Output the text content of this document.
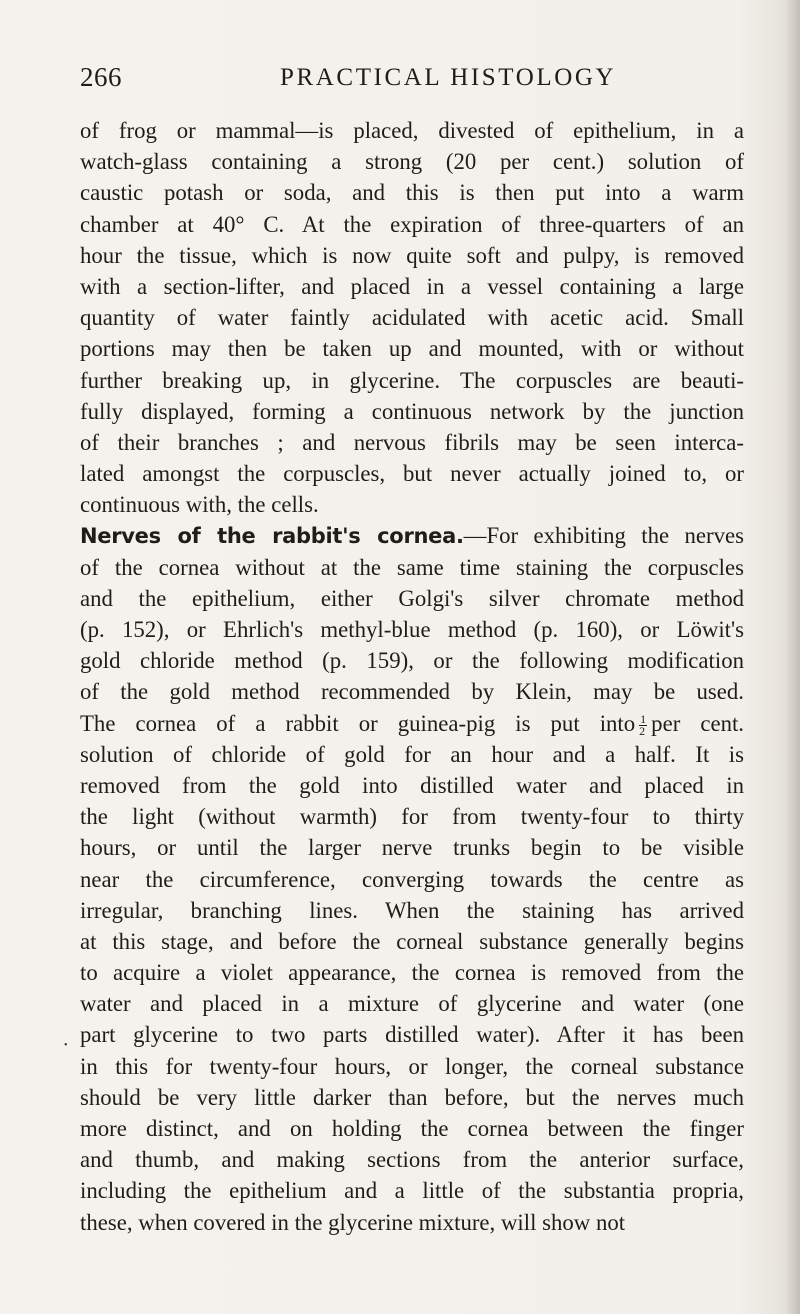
266	PRACTICAL HISTOLOGY
of frog or mammal—is placed, divested of epithelium, in a
watch-glass containing a strong (20 per cent.) solution of
caustic potash or soda, and this is then put into a warm
chamber at 40° C. At the expiration of three-quarters of an
hour the tissue, which is now quite soft and pulpy, is removed
with a section-lifter, and placed in a vessel containing a large
quantity of water faintly acidulated with acetic acid. Small
portions may then be taken up and mounted, with or without
further breaking up, in glycerine. The corpuscles are beauti-
fully displayed, forming a continuous network by the junction
of their branches ; and nervous fibrils may be seen interca-
lated amongst the corpuscles, but never actually joined to, or
continuous with, the cells.
Nerves of the rabbit's cornea.—For exhibiting the nerves
of the cornea without at the same time staining the corpuscles
and the epithelium, either Golgi's silver chromate method
(p. 152), or Ehrlich's methyl-blue method (p. 160), or Löwit's
gold chloride method (p. 159), or the following modification
of the gold method recommended by Klein, may be used.
The cornea of a rabbit or guinea-pig is put into $\frac{1}{2}$ per cent.
solution of chloride of gold for an hour and a half. It is
removed from the gold into distilled water and placed in
the light (without warmth) for from twenty-four to thirty
hours, or until the larger nerve trunks begin to be visible
near the circumference, converging towards the centre as
irregular, branching lines. When the staining has arrived
at this stage, and before the corneal substance generally begins
to acquire a violet appearance, the cornea is removed from the
water and placed in a mixture of glycerine and water (one
part glycerine to two parts distilled water). After it has been
in this for twenty-four hours, or longer, the corneal substance
should be very little darker than before, but the nerves much
more distinct, and on holding the cornea between the finger
and thumb, and making sections from the anterior surface,
including the epithelium and a little of the substantia propria,
these, when covered in the glycerine mixture, will show not
•
